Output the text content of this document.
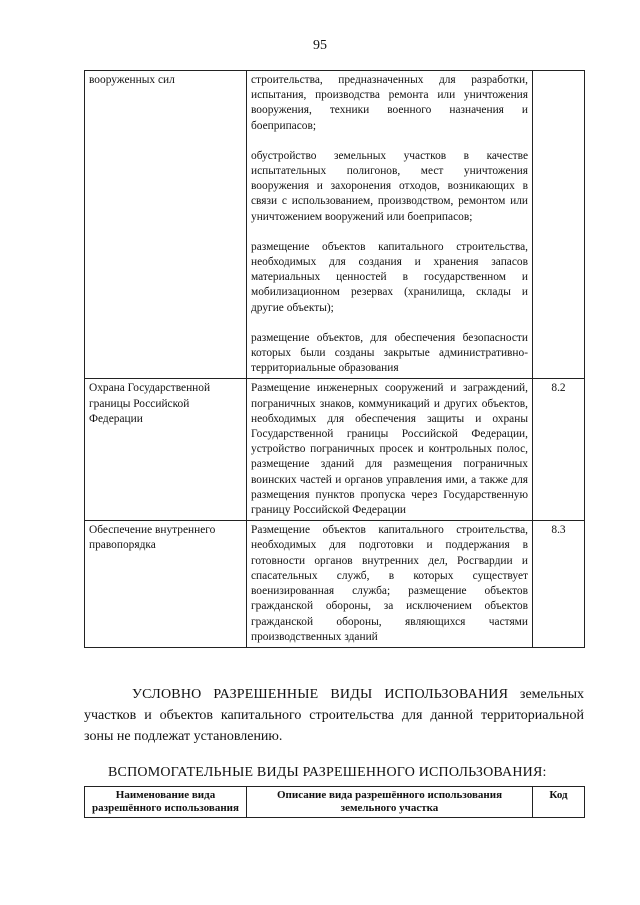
95
вооруженных сил	строительства, предназначенных для разработки, испытания, производства ремонта или уничтожения вооружения, техники военного назначения и боеприпасов;

обустройство земельных участков в качестве испытательных полигонов, мест уничтожения вооружения и захоронения отходов, возникающих в связи с использованием, производством, ремонтом или уничтожением вооружений или боеприпасов;

размещение объектов капитального строительства, необходимых для создания и хранения запасов материальных ценностей в государственном и мобилизационном резервах (хранилища, склады и другие объекты);

размещение объектов, для обеспечения безопасности которых были созданы закрытые административно-территориальные образования	

Охрана Государственной границы Российской Федерации	Размещение инженерных сооружений и заграждений, пограничных знаков, коммуникаций и других объектов, необходимых для обеспечения защиты и охраны Государственной границы Российской Федерации, устройство пограничных просек и контрольных полос, размещение зданий для размещения пограничных воинских частей и органов управления ими, а также для размещения пунктов пропуска через Государственную границу Российской Федерации	8.2
Обеспечение внутреннего правопорядка	Размещение объектов капитального строительства, необходимых для подготовки и поддержания в готовности органов внутренних дел, Росгвардии и спасательных служб, в которых существует военизированная служба; размещение объектов гражданской обороны, за исключением объектов гражданской обороны, являющихся частями производственных зданий	8.3
УСЛОВНО РАЗРЕШЕННЫЕ ВИДЫ ИСПОЛЬЗОВАНИЯ земельных участков и объектов капитального строительства для данной территориальной зоны не подлежат установлению.
ВСПОМОГАТЕЛЬНЫЕ ВИДЫ РАЗРЕШЕННОГО ИСПОЛЬЗОВАНИЯ:
Наименование вида разрешённого использования	Описание вида разрешённого использования земельного участка	Код
